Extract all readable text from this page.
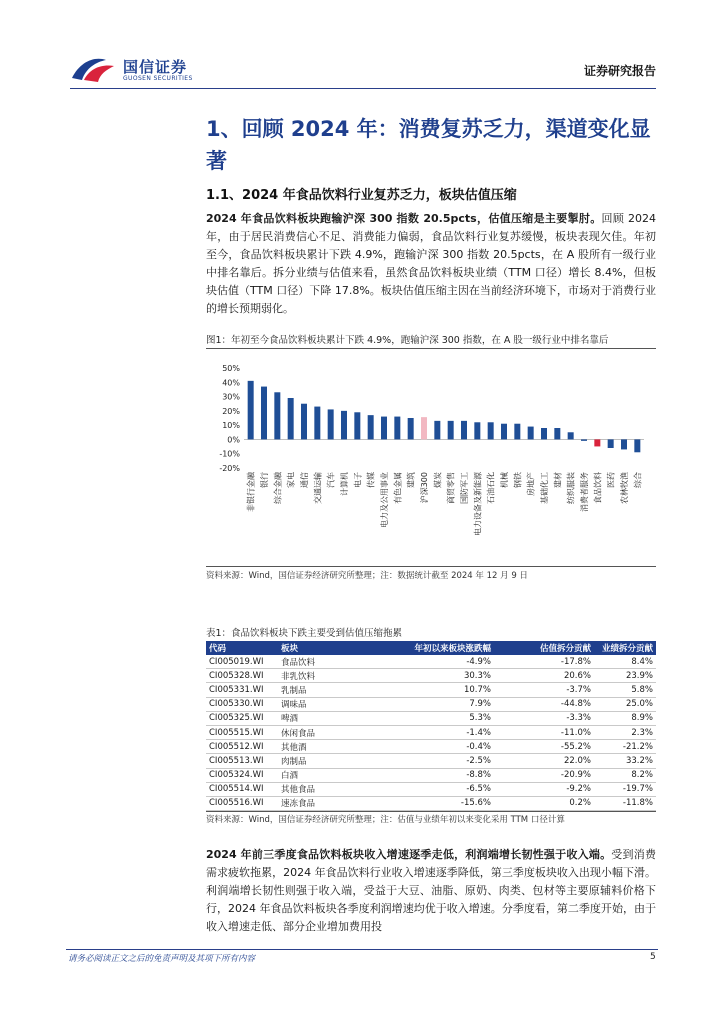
国信证券
GUOSEN SECURITIES
证券研究报告
1、回顾 2024 年：消费复苏乏力，渠道变化显著
1.1、2024 年食品饮料行业复苏乏力，板块估值压缩
2024 年食品饮料板块跑输沪深 300 指数 20.5pcts，估值压缩是主要掣肘。回顾 2024 年，由于居民消费信心不足、消费能力偏弱，食品饮料行业复苏缓慢，板块表现欠佳。年初至今，食品饮料板块累计下跌 4.9%，跑输沪深 300 指数 20.5pcts，在 A 股所有一级行业中排名靠后。拆分业绩与估值来看，虽然食品饮料板块业绩（TTM 口径）增长 8.4%，但板块估值（TTM 口径）下降 17.8%。板块估值压缩主因在当前经济环境下，市场对于消费行业的增长预期弱化。
图1：年初至今食品饮料板块累计下跌 4.9%，跑输沪深 300 指数，在 A 股一级行业中排名靠后
50%
40%
30%
20%
10%
0%
-10%
-20%
非银行金融 银行 综合金融 家电 通信 交通运输 汽车 计算机 电子 传媒 电力及公用事业 有色金属 建筑 沪深300 煤炭 商贸零售 国防军工 电力设备及新能源 石油石化 机械 钢铁 房地产 基础化工 建材 纺织服装 消费者服务 食品饮料 医药 农林牧渔 综合
资料来源：Wind，国信证券经济研究所整理；注：数据统计截至 2024 年 12 月 9 日
表1：食品饮料板块下跌主要受到估值压缩拖累
代码	板块	年初以来板块涨跌幅	估值拆分贡献	业绩拆分贡献
CI005019.WI	食品饮料	-4.9%	-17.8%	8.4%
CI005328.WI	非乳饮料	30.3%	20.6%	23.9%
CI005331.WI	乳制品	10.7%	-3.7%	5.8%
CI005330.WI	调味品	7.9%	-44.8%	25.0%
CI005325.WI	啤酒	5.3%	-3.3%	8.9%
CI005515.WI	休闲食品	-1.4%	-11.0%	2.3%
CI005512.WI	其他酒	-0.4%	-55.2%	-21.2%
CI005513.WI	肉制品	-2.5%	22.0%	33.2%
CI005324.WI	白酒	-8.8%	-20.9%	8.2%
CI005514.WI	其他食品	-6.5%	-9.2%	-19.7%
CI005516.WI	速冻食品	-15.6%	0.2%	-11.8%
资料来源：Wind，国信证券经济研究所整理；注：估值与业绩年初以来变化采用 TTM 口径计算
2024 年前三季度食品饮料板块收入增速逐季走低，利润端增长韧性强于收入端。受到消费需求疲软拖累，2024 年食品饮料行业收入增速逐季降低，第三季度板块收入出现小幅下滑。利润端增长韧性则强于收入端，受益于大豆、油脂、原奶、肉类、包材等主要原辅料价格下行，2024 年食品饮料板块各季度利润增速均优于收入增速。分季度看，第二季度开始，由于收入增速走低、部分企业增加费用投
请务必阅读正文之后的免责声明及其项下所有内容	5
